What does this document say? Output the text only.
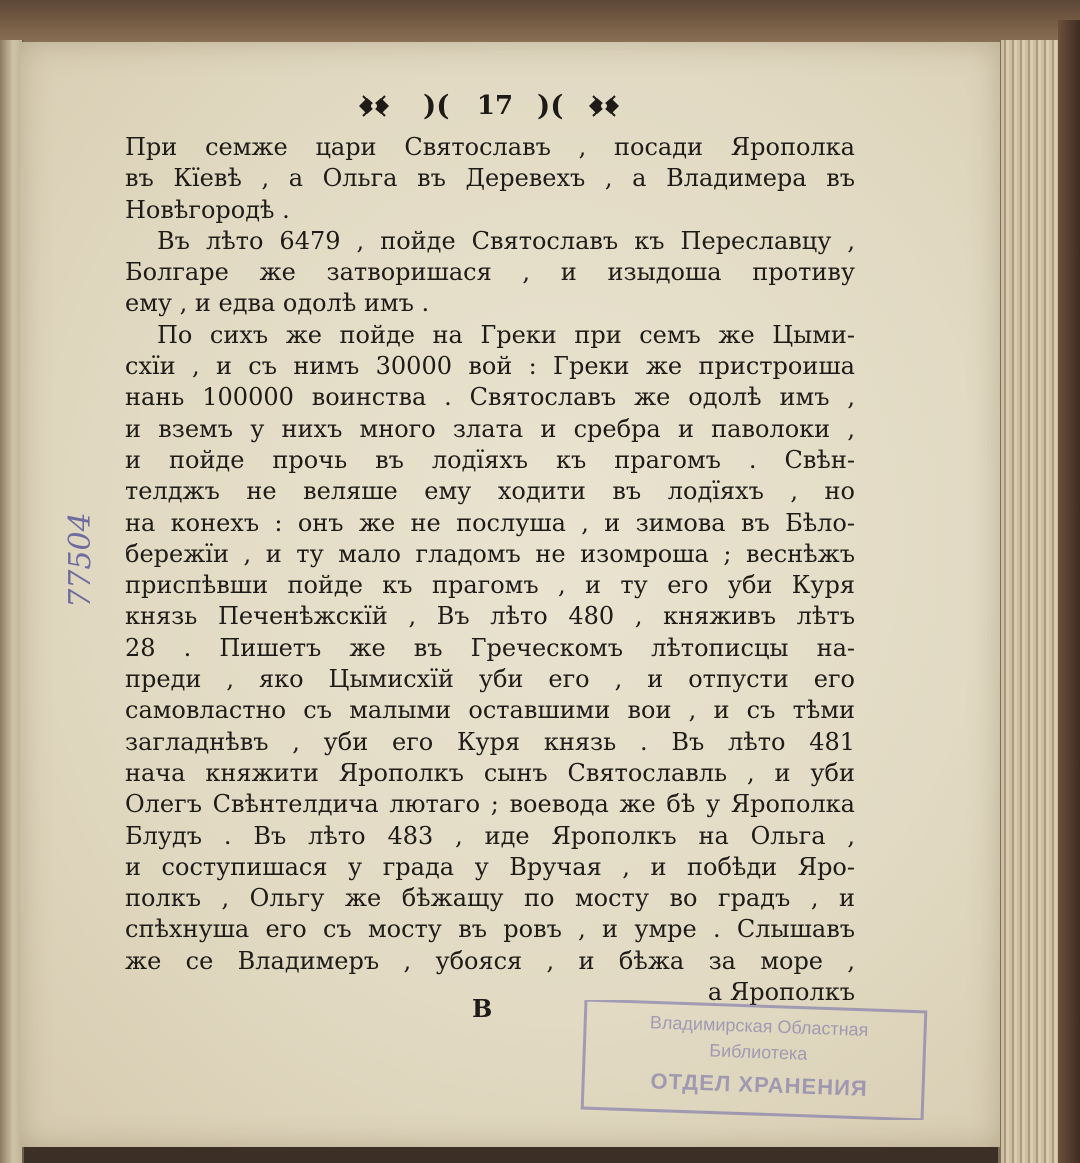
)(	17 )(
При семже цари Святославъ , посади Ярополка
въ Кїевѣ , а Ольга въ Деревехъ , а Владимера въ
Новѣгородѣ .
Въ лѣто 6479 , пойде Святославъ къ Переславцу ,
Болгаре же затворишася , и изыдоша противу
ему , и едва одолѣ имъ .
По сихъ же пойде на Греки при семъ же Цыми-
схїи , и съ нимъ 30000 вой : Греки же пристроиша
нань 100000 воинства . Святославъ же одолѣ имъ ,
и вземъ у нихъ много злата и сребра и паволоки ,
и пойде прочь въ лодїяхъ къ прагомъ . Свѣн-
телджъ не веляше ему ходити въ лодїяхъ , но
на конехъ : онъ же не послуша , и зимова въ Бѣло-
бережїи , и ту мало гладомъ не изомроша ; веснѣжъ
приспѣвши пойде къ прагомъ , и ту его уби Куря
князь Печенѣжскїй , Въ лѣто 480 , княживъ лѣтъ
28 . Пишетъ же въ Греческомъ лѣтописцы на-
преди , яко Цымисхїй уби его , и отпусти его
самовластно съ малыми оставшими вои , и съ тѣми
загладнѣвъ , уби его Куря князь . Въ лѣто 481
нача княжити Ярополкъ сынъ Святославль , и уби
Олегъ Свѣнтелдича лютаго ; воевода же бѣ у Ярополка
Блудъ . Въ лѣто 483 , иде Ярополкъ на Ольга ,
и соступишася у града у Вручая , и побѣди Яро-
полкъ , Ольгу же бѣжащу по мосту во градъ , и
спѣхнуша его съ мосту въ ровъ , и умре . Слышавъ
же се Владимеръ , убояся , и бѣжа за море ,
а Ярополкъ
В
77504
Владимирская Областная
Библиотека
ОТДЕЛ ХРАНЕНИЯ
